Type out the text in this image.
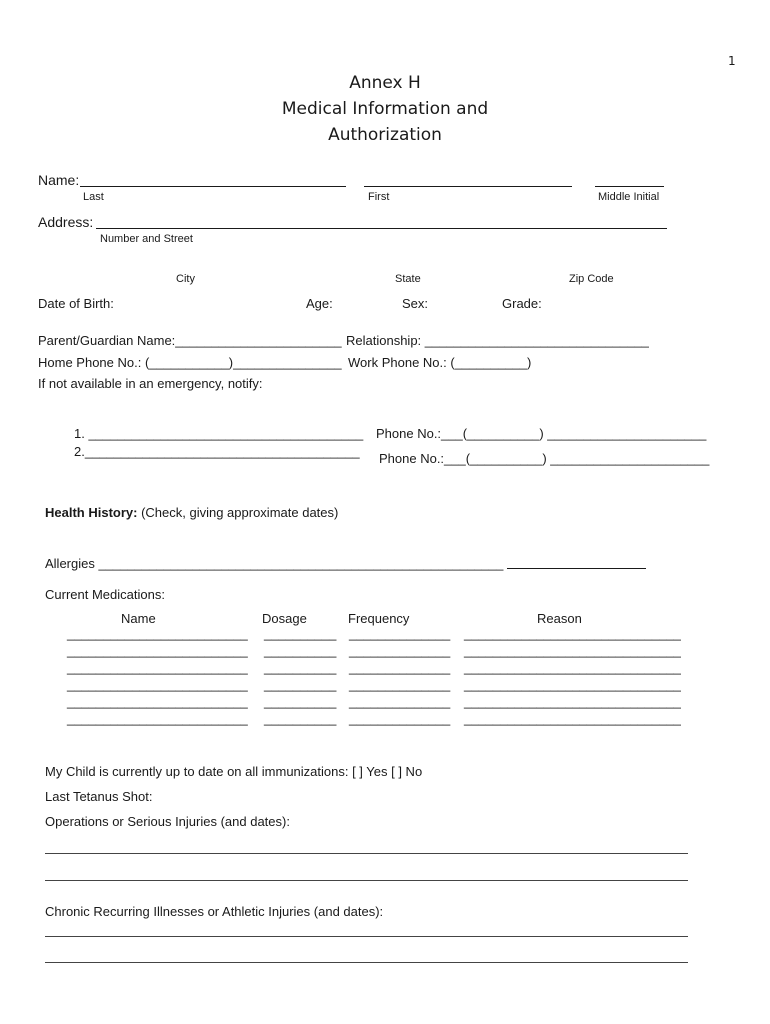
1
Annex H
Medical Information and
Authorization
Name:
Last	First	Middle Initial
Address:
Number and Street
City	State	Zip Code
Date of Birth:	Age:	Sex:	Grade:
Parent/Guardian Name:_______________________ Relationship: _______________________________
Home Phone No.: (___________)_______________ Work Phone No.: (__________)
If not available in an emergency, notify:
1. ______________________________________ Phone No.:___(__________) ______________________
2.______________________________________ Phone No.:___(__________) ______________________
Health History: (Check, giving approximate dates)
Allergies ________________________________________________________
Current Medications:
Name	Dosage	Frequency	Reason
_________________________ __________ ______________ ______________________________
_________________________ __________ ______________ ______________________________
_________________________ __________ ______________ ______________________________
_________________________ __________ ______________ ______________________________
_________________________ __________ ______________ ______________________________
_________________________ __________ ______________ ______________________________
My Child is currently up to date on all immunizations: [ ] Yes [ ] No
Last Tetanus Shot:
Operations or Serious Injuries (and dates):
Chronic Recurring Illnesses or Athletic Injuries (and dates):
